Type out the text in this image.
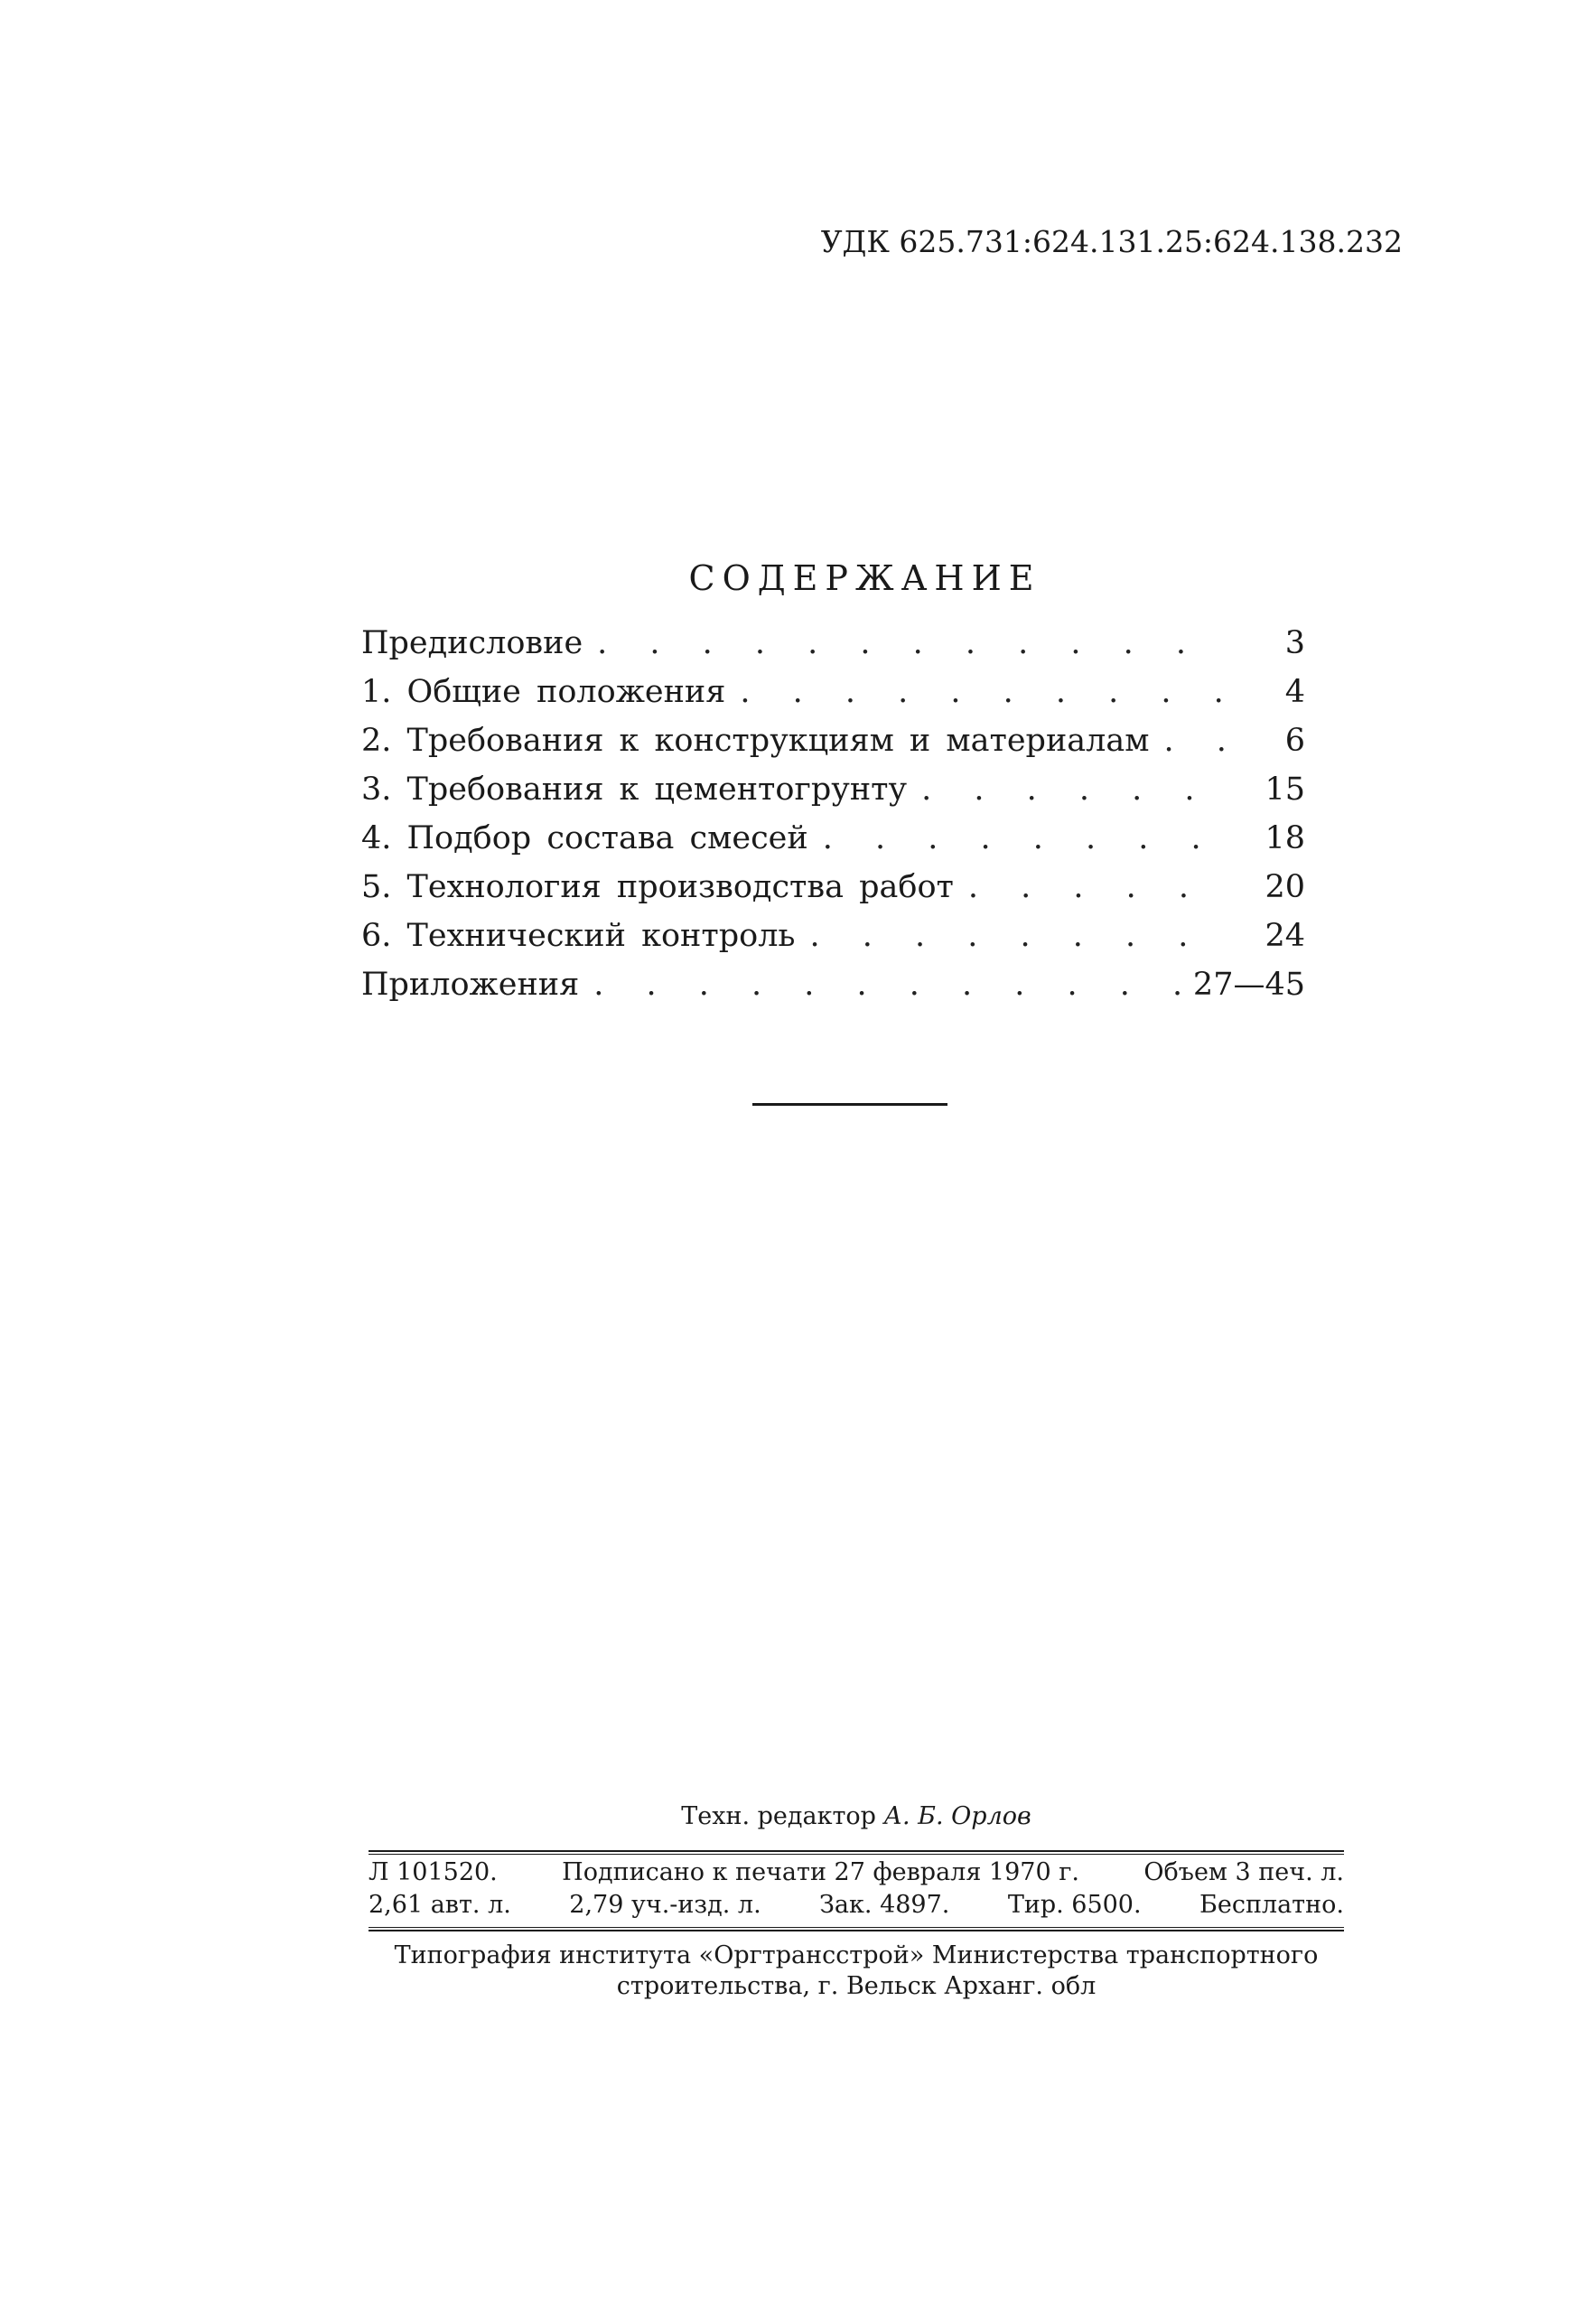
УДК 625.731:624.131.25:624.138.232
СОДЕРЖАНИЕ
Предисловие . . .	3
1. Общие положения . . .	4
2. Требования к конструкциям и материалам . . .	6
3. Требования к цементогрунту . . .	15
4. Подбор состава смесей . . .	18
5. Технология производства работ . . .	20
6. Технический контроль . . .	24
Приложения . . .	27—45
Техн. редактор А. Б. Орлов
Л 101520.	Подписано к печати 27 февраля 1970 г.	Объем 3 печ. л.
2,61 авт. л. 2,79 уч.-изд. л. Зак. 4897. Тир. 6500. Бесплатно.
Типография института «Оргтрансстрой» Министерства транспортного
строительства, г. Вельск Арханг. обл
